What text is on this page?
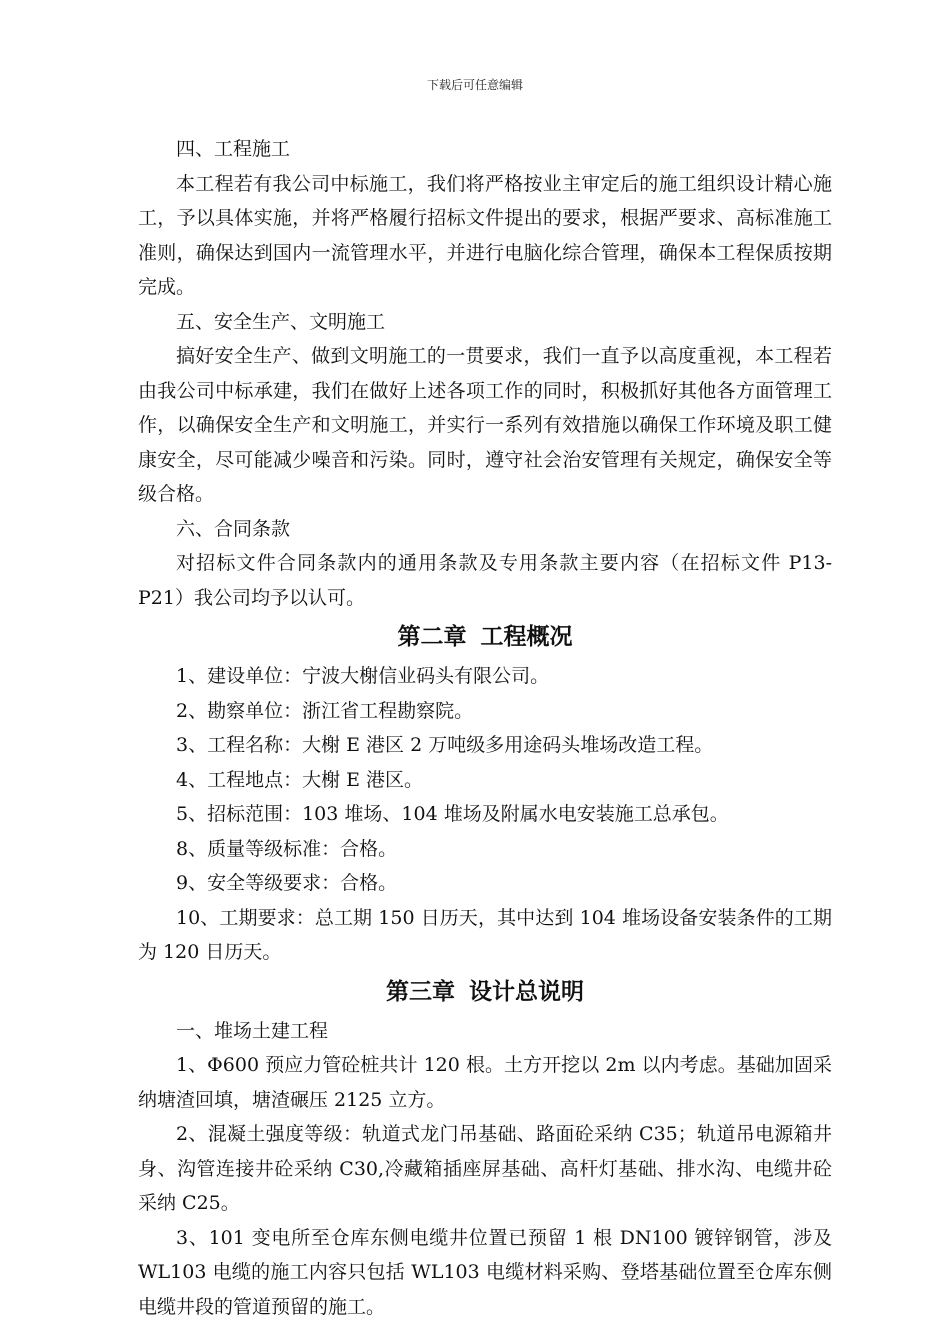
下载后可任意编辑

四、工程施工

本工程若有我公司中标施工，我们将严格按业主审定后的施工组织设计精心施工，予以具体实施，并将严格履行招标文件提出的要求，根据严要求、高标准施工准则，确保达到国内一流管理水平，并进行电脑化综合管理，确保本工程保质按期完成。

五、安全生产、文明施工

搞好安全生产、做到文明施工的一贯要求，我们一直予以高度重视，本工程若由我公司中标承建，我们在做好上述各项工作的同时，积极抓好其他各方面管理工作，以确保安全生产和文明施工，并实行一系列有效措施以确保工作环境及职工健康安全，尽可能减少噪音和污染。同时，遵守社会治安管理有关规定，确保安全等级合格。

六、合同条款

对招标文件合同条款内的通用条款及专用条款主要内容（在招标文件 P13-P21）我公司均予以认可。

第二章 工程概况

1、建设单位：宁波大榭信业码头有限公司。

2、勘察单位：浙江省工程勘察院。

3、工程名称：大榭 E 港区 2 万吨级多用途码头堆场改造工程。

4、工程地点：大榭 E 港区。

5、招标范围：103 堆场、104 堆场及附属水电安装施工总承包。

8、质量等级标准：合格。

9、安全等级要求：合格。

10、工期要求：总工期 150 日历天，其中达到 104 堆场设备安装条件的工期为 120 日历天。

第三章 设计总说明

一、堆场土建工程

1、Φ600 预应力管砼桩共计 120 根。土方开挖以 2m 以内考虑。基础加固采纳塘渣回填，塘渣碾压 2125 立方。

2、混凝土强度等级：轨道式龙门吊基础、路面砼采纳 C35；轨道吊电源箱井身、沟管连接井砼采纳 C30,冷藏箱插座屏基础、高杆灯基础、排水沟、电缆井砼采纳 C25。

3、101 变电所至仓库东侧电缆井位置已预留 1 根 DN100 镀锌钢管，涉及 WL103 电缆的施工内容只包括 WL103 电缆材料采购、登塔基础位置至仓库东侧电缆井段的管道预留的施工。
